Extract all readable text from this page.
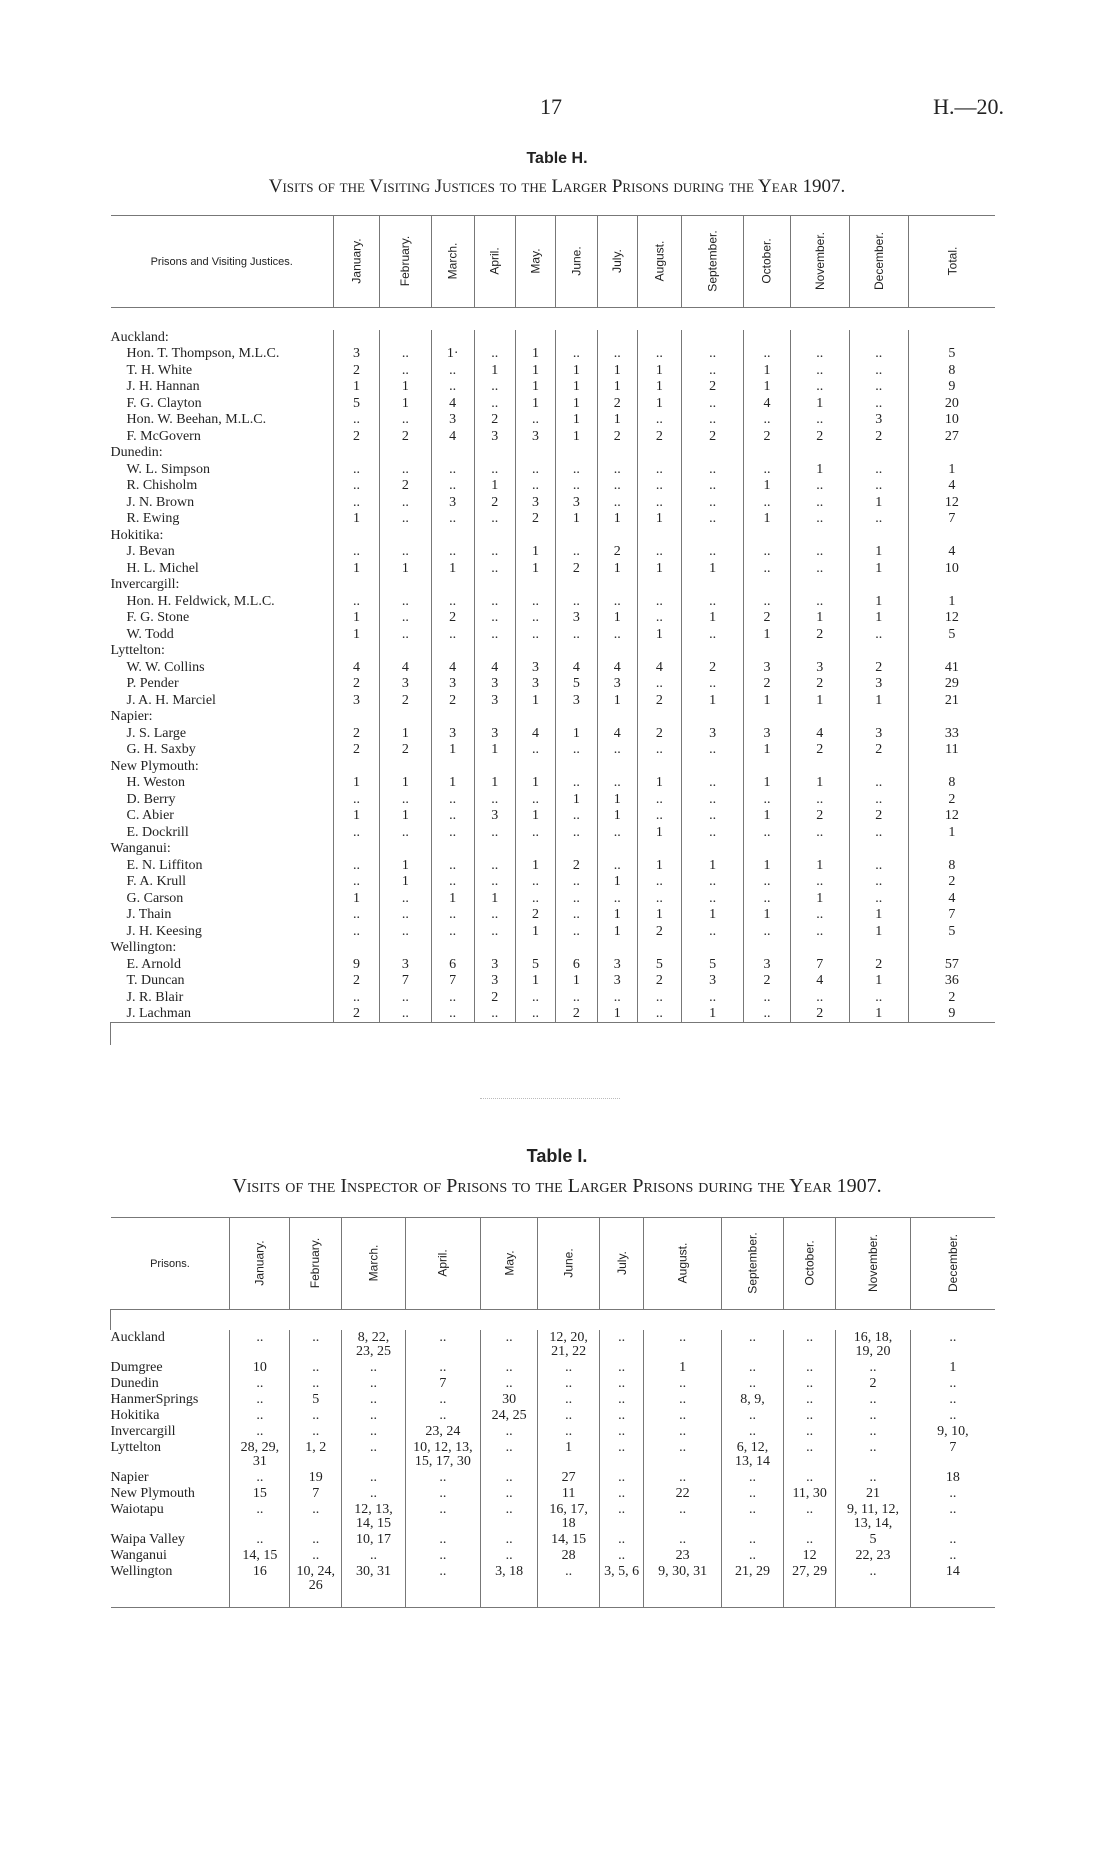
17	H.—20.
Table H.
Visits of the Visiting Justices to the Larger Prisons during the Year 1907.
Prisons and Visiting Justices.	January.	February.	March.	April.	May.	June.	July.	August.	September.	October.	November.	December.	Total.

Auckland:													
Hon. T. Thompson, M.L.C.	3	..	1·	..	1	..	..	..	..	..	..	..	5
T. H. White	2	..	..	1	1	1	1	1	..	1	..	..	8
J. H. Hannan	1	1	..	..	1	1	1	1	2	1	..	..	9
F. G. Clayton	5	1	4	..	1	1	2	1	..	4	1	..	20
Hon. W. Beehan, M.L.C.	..	..	3	2	..	1	1	..	..	..	..	3	10
F. McGovern	2	2	4	3	3	1	2	2	2	2	2	2	27
Dunedin:													
W. L. Simpson	..	..	..	..	..	..	..	..	..	..	1	..	1
R. Chisholm	..	2	..	1	..	..	..	..	..	1	..	..	4
J. N. Brown	..	..	3	2	3	3	..	..	..	..	..	1	12
R. Ewing	1	..	..	..	2	1	1	1	..	1	..	..	7
Hokitika:													
J. Bevan	..	..	..	..	1	..	2	..	..	..	..	1	4
H. L. Michel	1	1	1	..	1	2	1	1	1	..	..	1	10
Invercargill:													
Hon. H. Feldwick, M.L.C.	..	..	..	..	..	..	..	..	..	..	..	1	1
F. G. Stone	1	..	2	..	..	3	1	..	1	2	1	1	12
W. Todd	1	..	..	..	..	..	..	1	..	1	2	..	5
Lyttelton:													
W. W. Collins	4	4	4	4	3	4	4	4	2	3	3	2	41
P. Pender	2	3	3	3	3	5	3	..	..	2	2	3	29
J. A. H. Marciel	3	2	2	3	1	3	1	2	1	1	1	1	21
Napier:													
J. S. Large	2	1	3	3	4	1	4	2	3	3	4	3	33
G. H. Saxby	2	2	1	1	..	..	..	..	..	1	2	2	11
New Plymouth:													
H. Weston	1	1	1	1	1	..	..	1	..	1	1	..	8
D. Berry	..	..	..	..	..	1	1	..	..	..	..	..	2
C. Abier	1	1	..	3	1	..	1	..	..	1	2	2	12
E. Dockrill	..	..	..	..	..	..	..	1	..	..	..	..	1
Wanganui:													
E. N. Liffiton	..	1	..	..	1	2	..	1	1	1	1	..	8
F. A. Krull	..	1	..	..	..	..	1	..	..	..	..	..	2
G. Carson	1	..	1	1	..	..	..	..	..	..	1	..	4
J. Thain	..	..	..	..	2	..	1	1	1	1	..	1	7
J. H. Keesing	..	..	..	..	1	..	1	2	..	..	..	1	5
Wellington:													
E. Arnold	9	3	6	3	5	6	3	5	5	3	7	2	57
T. Duncan	2	7	7	3	1	1	3	2	3	2	4	1	36
J. R. Blair	..	..	..	2	..	..	..	..	..	..	..	..	2
J. Lachman	2	..	..	..	..	2	1	..	1	..	2	1	9

Table I.
Visits of the Inspector of Prisons to the Larger Prisons during the Year 1907.
Prisons.	January.	February.	March.	April.	May.	June.	July.	August.	September.	October.	November.	December.

Auckland	..	..	8, 22,
23, 25	..	..	12, 20,
21, 22	..	..	..	..	16, 18,
19, 20	..
Dumgree	10	..	..	..	..	..	..	1	..	..	..	1
Dunedin	..	..	..	7	..	..	..	..	..	..	2	..
HanmerSprings	..	5	..	..	30	..	..	..	8, 9,	..	..	..
Hokitika	..	..	..	..	24, 25	..	..	..	..	..	..	..
Invercargill	..	..	..	23, 24	..	..	..	..	..	..	..	9, 10,
Lyttelton	28, 29,
31	1, 2	..	10, 12, 13,
15, 17, 30	..	1	..	..	6, 12,
13, 14	..	..	7
Napier	..	19	..	..	..	27	..	..	..	..	..	18
New Plymouth	15	7	..	..	..	11	..	22	..	11, 30	21	..
Waiotapu	..	..	12, 13,
14, 15	..	..	16, 17,
18	..	..	..	..	9, 11, 12,
13, 14,	..
Waipa Valley	..	..	10, 17	..	..	14, 15	..	..	..	..	5	..
Wanganui	14, 15	..	..	..	..	28	..	23	..	12	22, 23	..
Wellington	16	10, 24,
26	30, 31	..	3, 18	..	3, 5, 6	9, 30, 31	21, 29	27, 29	..	14
